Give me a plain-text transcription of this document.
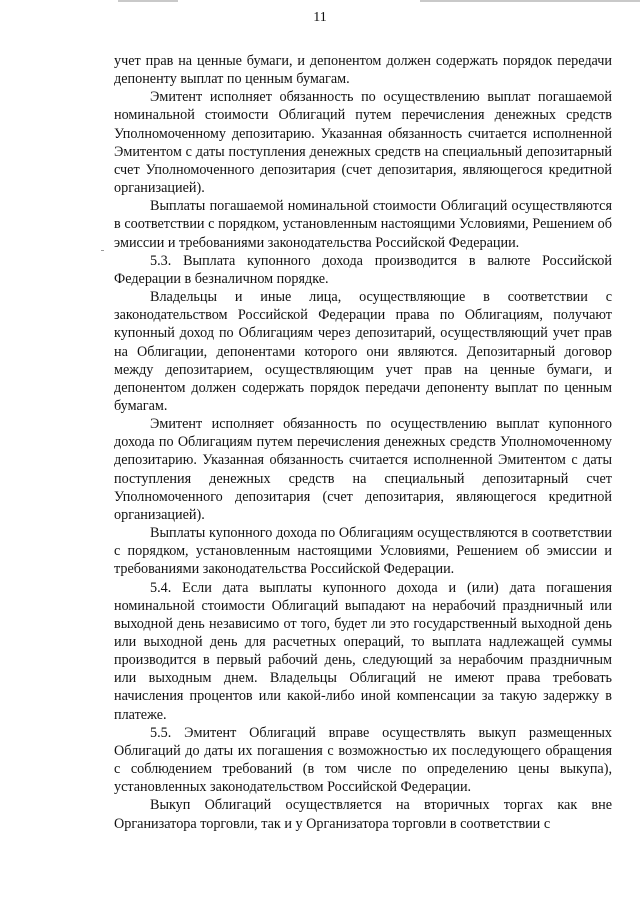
11

учет прав на ценные бумаги, и депонентом должен содержать порядок передачи депоненту выплат по ценным бумагам.

Эмитент исполняет обязанность по осуществлению выплат погашаемой номинальной стоимости Облигаций путем перечисления денежных средств Уполномоченному депозитарию. Указанная обязанность считается исполненной Эмитентом с даты поступления денежных средств на специальный депозитарный счет Уполномоченного депозитария (счет депозитария, являющегося кредитной организацией).

Выплаты погашаемой номинальной стоимости Облигаций осуществляются в соответствии с порядком, установленным настоящими Условиями, Решением об эмиссии и требованиями законодательства Российской Федерации.

5.3. Выплата купонного дохода производится в валюте Российской Федерации в безналичном порядке.

Владельцы и иные лица, осуществляющие в соответствии с законодательством Российской Федерации права по Облигациям, получают купонный доход по Облигациям через депозитарий, осуществляющий учет прав на Облигации, депонентами которого они являются. Депозитарный договор между депозитарием, осуществляющим учет прав на ценные бумаги, и депонентом должен содержать порядок передачи депоненту выплат по ценным бумагам.

Эмитент исполняет обязанность по осуществлению выплат купонного дохода по Облигациям путем перечисления денежных средств Уполномоченному депозитарию. Указанная обязанность считается исполненной Эмитентом с даты поступления денежных средств на специальный депозитарный счет Уполномоченного депозитария (счет депозитария, являющегося кредитной организацией).

Выплаты купонного дохода по Облигациям осуществляются в соответствии с порядком, установленным настоящими Условиями, Решением об эмиссии и требованиями законодательства Российской Федерации.

5.4. Если дата выплаты купонного дохода и (или) дата погашения номинальной стоимости Облигаций выпадают на нерабочий праздничный или выходной день независимо от того, будет ли это государственный выходной день или выходной день для расчетных операций, то выплата надлежащей суммы производится в первый рабочий день, следующий за нерабочим праздничным или выходным днем. Владельцы Облигаций не имеют права требовать начисления процентов или какой-либо иной компенсации за такую задержку в платеже.

5.5. Эмитент Облигаций вправе осуществлять выкуп размещенных Облигаций до даты их погашения с возможностью их последующего обращения с соблюдением требований (в том числе по определению цены выкупа), установленных законодательством Российской Федерации.

Выкуп Облигаций осуществляется на вторичных торгах как вне Организатора торговли, так и у Организатора торговли в соответствии с
